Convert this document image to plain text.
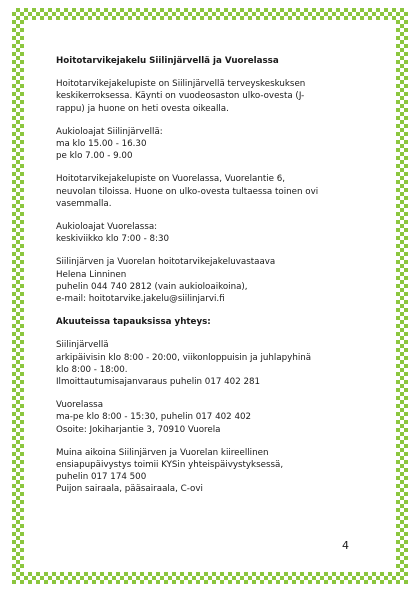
Hoitotarvikejakelu Siilinjärvellä ja Vuorelassa

Hoitotarvikejakelupiste on Siilinjärvellä terveyskeskuksen
keskikerroksessa. Käynti on vuodeosaston ulko-ovesta (J-
rappu) ja huone on heti ovesta oikealla.

Aukioloajat Siilinjärvellä:
ma klo 15.00 - 16.30
pe klo 7.00 - 9.00

Hoitotarvikejakelupiste on Vuorelassa, Vuorelantie 6,
neuvolan tiloissa. Huone on ulko-ovesta tultaessa toinen ovi
vasemmalla.

Aukioloajat Vuorelassa:
keskiviikko klo 7:00 - 8:30

Siilinjärven ja Vuorelan hoitotarvikejakeluvastaava
Helena Linninen
puhelin 044 740 2812 (vain aukioloaikoina),
e-mail: hoitotarvike.jakelu@siilinjarvi.fi

Akuuteissa tapauksissa yhteys:

Siilinjärvellä
arkipäivisin klo 8:00 - 20:00, viikonloppuisin ja juhlapyhinä
klo 8:00 - 18:00.
Ilmoittautumisajanvaraus puhelin 017 402 281

Vuorelassa
ma-pe klo 8:00 - 15:30, puhelin 017 402 402
Osoite: Jokiharjantie 3, 70910 Vuorela

Muina aikoina Siilinjärven ja Vuorelan kiireellinen
ensiapupäivystys toimii KYSin yhteispäivystyksessä,
puhelin 017 174 500
Puijon sairaala, pääsairaala, C-ovi

4
